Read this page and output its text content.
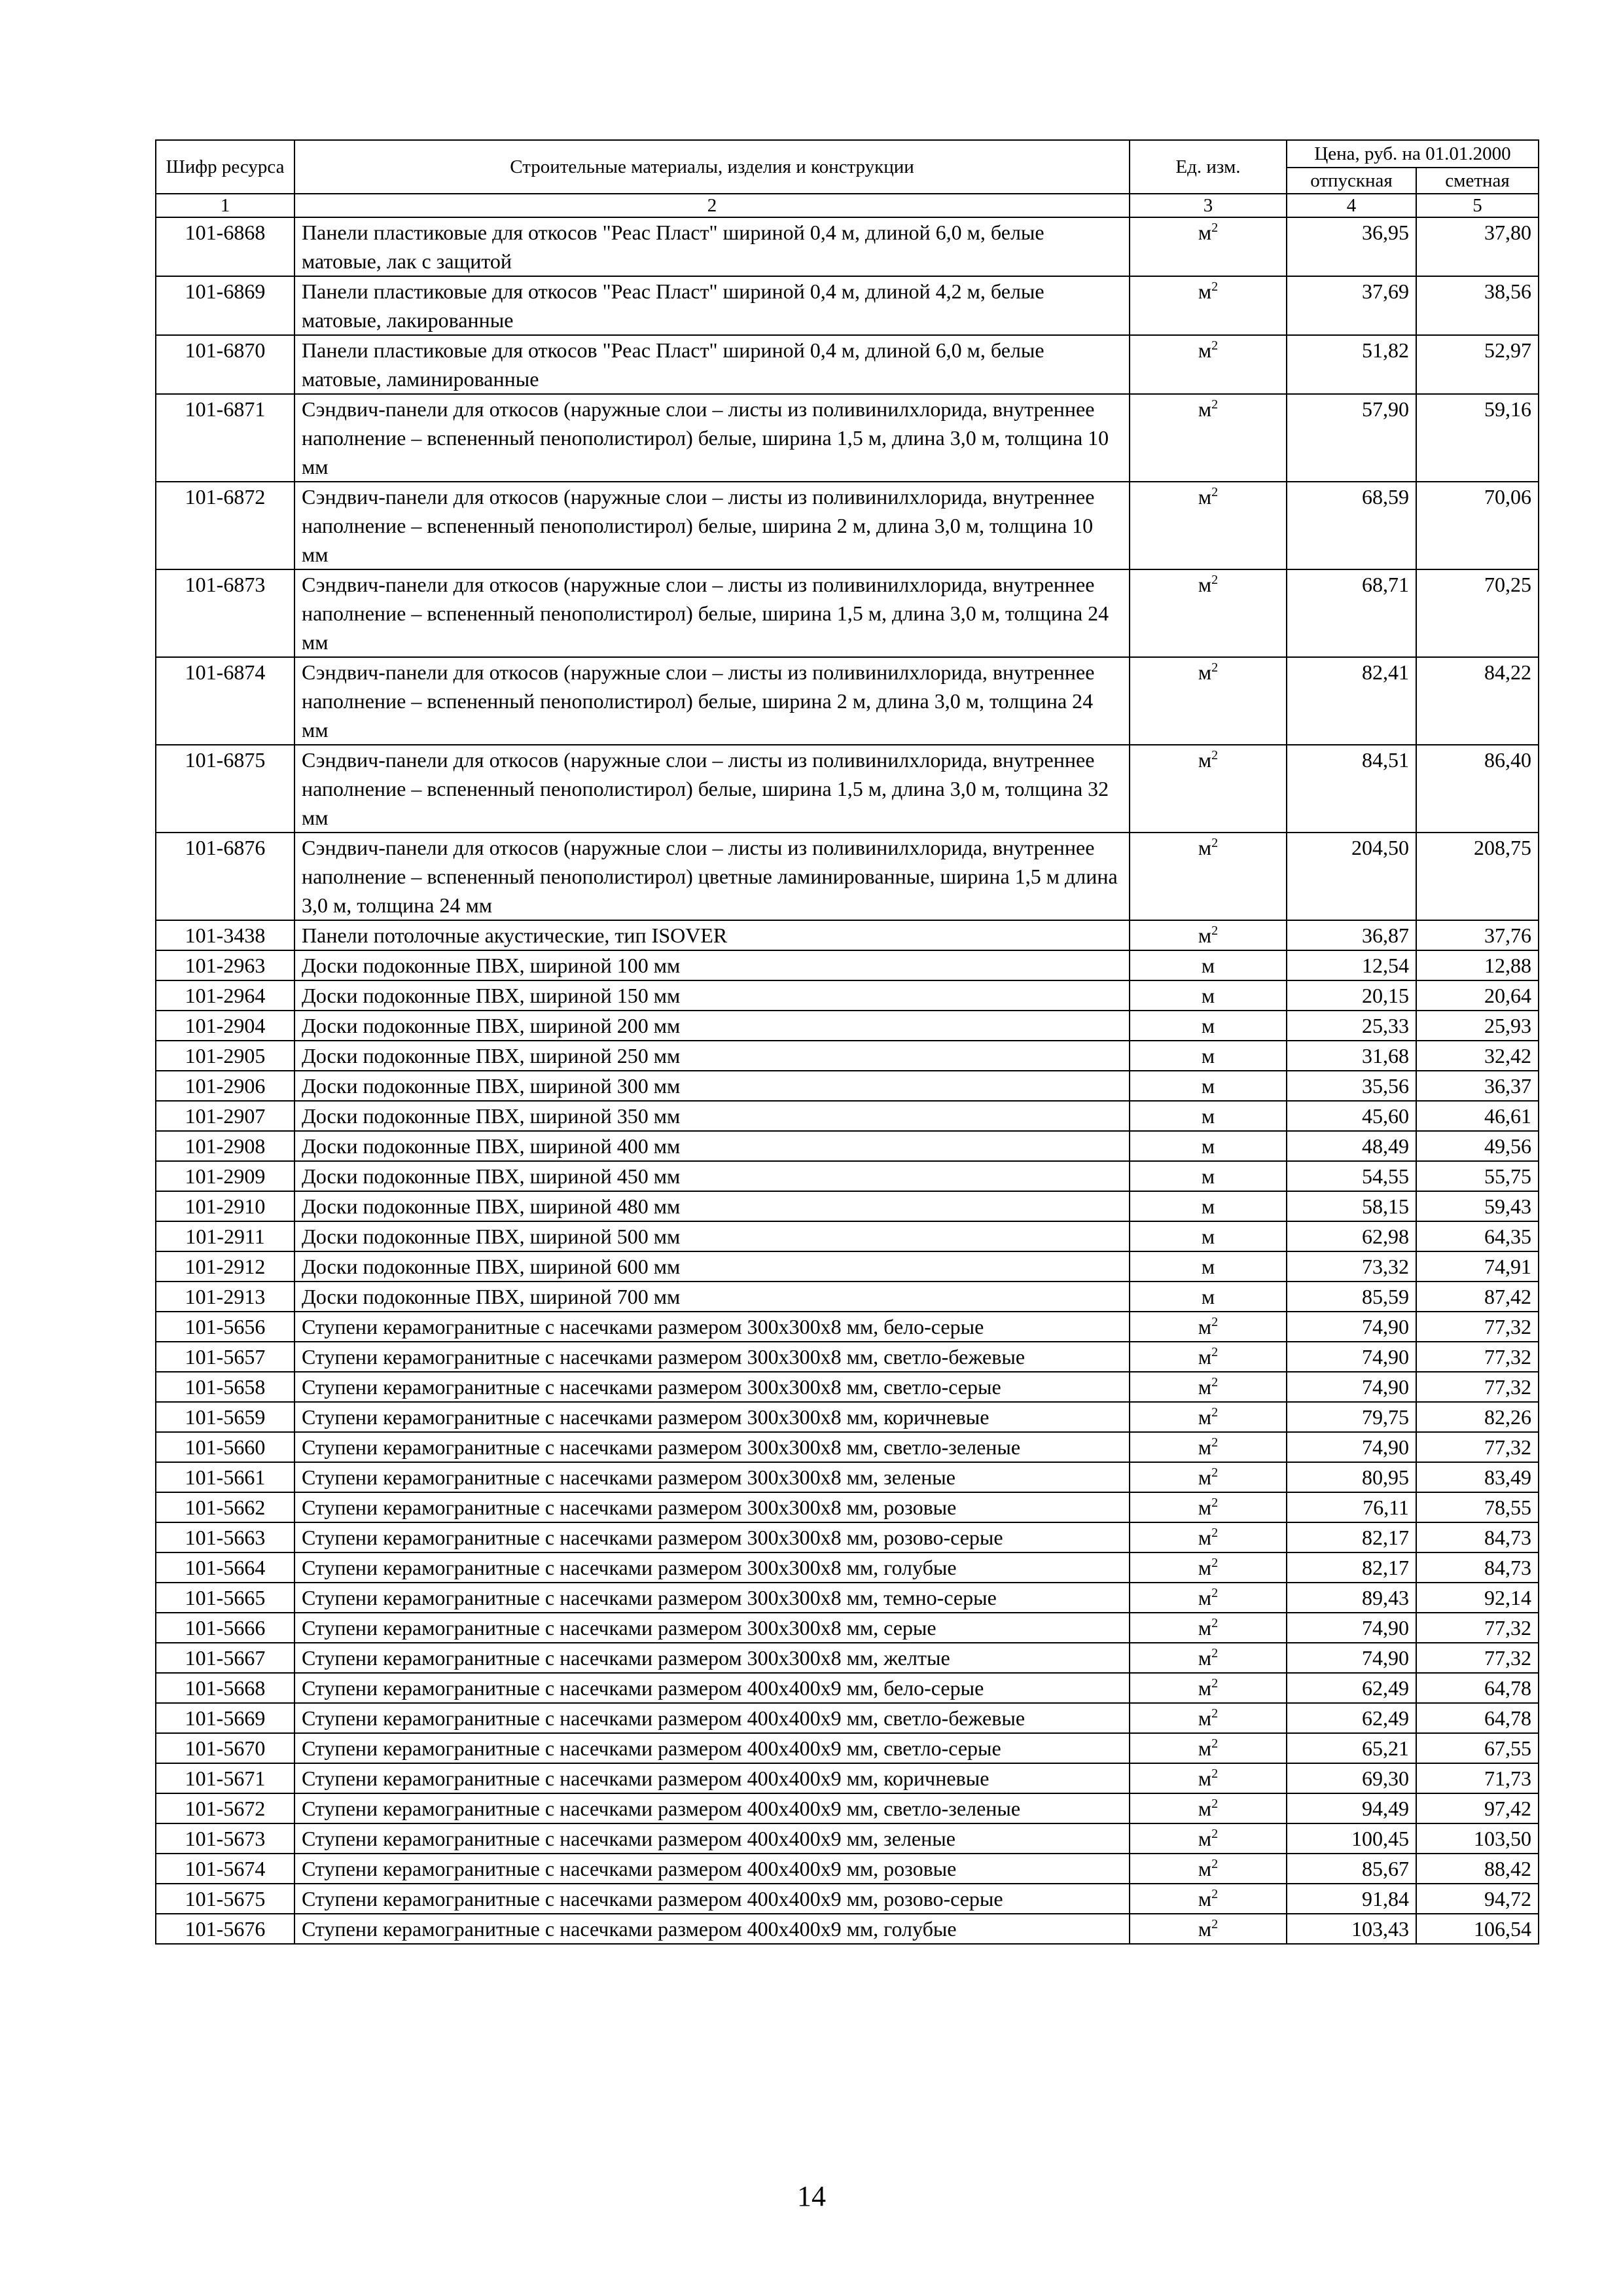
Шифр ресурса	Строительные материалы, изделия и конструкции	Ед. изм.	Цена, руб. на 01.01.2000	
			отпускная	сметная
1	2	3	4	5
101-6868	Панели пластиковые для откосов "Реас Пласт" шириной 0,4 м, длиной 6,0 м, белые матовые, лак с защитой	$м^2$	36,95	37,80
101-6869	Панели пластиковые для откосов "Реас Пласт" шириной 0,4 м, длиной 4,2 м, белые матовые, лакированные	$м^2$	37,69	38,56
101-6870	Панели пластиковые для откосов "Реас Пласт" шириной 0,4 м, длиной 6,0 м, белые матовые, ламинированные	$м^2$	51,82	52,97
101-6871	Сэндвич-панели для откосов (наружные слои – листы из поливинилхлорида, внутреннее наполнение – вспененный пенополистирол) белые, ширина 1,5 м, длина 3,0 м, толщина 10 мм	$м^2$	57,90	59,16
101-6872	Сэндвич-панели для откосов (наружные слои – листы из поливинилхлорида, внутреннее наполнение – вспененный пенополистирол) белые, ширина 2 м, длина 3,0 м, толщина 10 мм	$м^2$	68,59	70,06
101-6873	Сэндвич-панели для откосов (наружные слои – листы из поливинилхлорида, внутреннее наполнение – вспененный пенополистирол) белые, ширина 1,5 м, длина 3,0 м, толщина 24 мм	$м^2$	68,71	70,25
101-6874	Сэндвич-панели для откосов (наружные слои – листы из поливинилхлорида, внутреннее наполнение – вспененный пенополистирол) белые, ширина 2 м, длина 3,0 м, толщина 24 мм	$м^2$	82,41	84,22
101-6875	Сэндвич-панели для откосов (наружные слои – листы из поливинилхлорида, внутреннее наполнение – вспененный пенополистирол) белые, ширина 1,5 м, длина 3,0 м, толщина 32 мм	$м^2$	84,51	86,40
101-6876	Сэндвич-панели для откосов (наружные слои – листы из поливинилхлорида, внутреннее наполнение – вспененный пенополистирол) цветные ламинированные, ширина 1,5 м длина 3,0 м, толщина 24 мм	$м^2$	204,50	208,75
101-3438	Панели потолочные акустические, тип ISOVER	$м^2$	36,87	37,76
101-2963	Доски подоконные ПВХ, шириной 100 мм	м	12,54	12,88
101-2964	Доски подоконные ПВХ, шириной 150 мм	м	20,15	20,64
101-2904	Доски подоконные ПВХ, шириной 200 мм	м	25,33	25,93
101-2905	Доски подоконные ПВХ, шириной 250 мм	м	31,68	32,42
101-2906	Доски подоконные ПВХ, шириной 300 мм	м	35,56	36,37
101-2907	Доски подоконные ПВХ, шириной 350 мм	м	45,60	46,61
101-2908	Доски подоконные ПВХ, шириной 400 мм	м	48,49	49,56
101-2909	Доски подоконные ПВХ, шириной 450 мм	м	54,55	55,75
101-2910	Доски подоконные ПВХ, шириной 480 мм	м	58,15	59,43
101-2911	Доски подоконные ПВХ, шириной 500 мм	м	62,98	64,35
101-2912	Доски подоконные ПВХ, шириной 600 мм	м	73,32	74,91
101-2913	Доски подоконные ПВХ, шириной 700 мм	м	85,59	87,42
101-5656	Ступени керамогранитные с насечками размером 300x300x8 мм, бело-серые	$м^2$	74,90	77,32
101-5657	Ступени керамогранитные с насечками размером 300x300x8 мм, светло-бежевые	$м^2$	74,90	77,32
101-5658	Ступени керамогранитные с насечками размером 300x300x8 мм, светло-серые	$м^2$	74,90	77,32
101-5659	Ступени керамогранитные с насечками размером 300x300x8 мм, коричневые	$м^2$	79,75	82,26
101-5660	Ступени керамогранитные с насечками размером 300x300x8 мм, светло-зеленые	$м^2$	74,90	77,32
101-5661	Ступени керамогранитные с насечками размером 300x300x8 мм, зеленые	$м^2$	80,95	83,49
101-5662	Ступени керамогранитные с насечками размером 300x300x8 мм, розовые	$м^2$	76,11	78,55
101-5663	Ступени керамогранитные с насечками размером 300x300x8 мм, розово-серые	$м^2$	82,17	84,73
101-5664	Ступени керамогранитные с насечками размером 300x300x8 мм, голубые	$м^2$	82,17	84,73
101-5665	Ступени керамогранитные с насечками размером 300x300x8 мм, темно-серые	$м^2$	89,43	92,14
101-5666	Ступени керамогранитные с насечками размером 300x300x8 мм, серые	$м^2$	74,90	77,32
101-5667	Ступени керамогранитные с насечками размером 300x300x8 мм, желтые	$м^2$	74,90	77,32
101-5668	Ступени керамогранитные с насечками размером 400x400x9 мм, бело-серые	$м^2$	62,49	64,78
101-5669	Ступени керамогранитные с насечками размером 400x400x9 мм, светло-бежевые	$м^2$	62,49	64,78
101-5670	Ступени керамогранитные с насечками размером 400x400x9 мм, светло-серые	$м^2$	65,21	67,55
101-5671	Ступени керамогранитные с насечками размером 400x400x9 мм, коричневые	$м^2$	69,30	71,73
101-5672	Ступени керамогранитные с насечками размером 400x400x9 мм, светло-зеленые	$м^2$	94,49	97,42
101-5673	Ступени керамогранитные с насечками размером 400x400x9 мм, зеленые	$м^2$	100,45	103,50
101-5674	Ступени керамогранитные с насечками размером 400x400x9 мм, розовые	$м^2$	85,67	88,42
101-5675	Ступени керамогранитные с насечками размером 400x400x9 мм, розово-серые	$м^2$	91,84	94,72
101-5676	Ступени керамогранитные с насечками размером 400x400x9 мм, голубые	$м^2$	103,43	106,54
14
